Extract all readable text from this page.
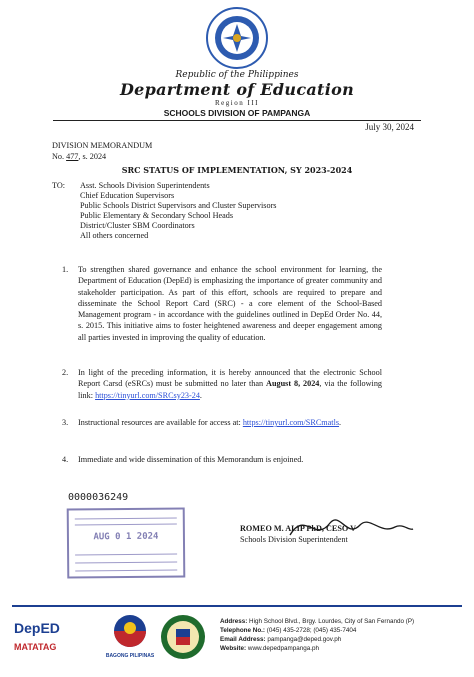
Republic of the Philippines
Department of Education
Region III
SCHOOLS DIVISION OF PAMPANGA
July 30, 2024
DIVISION MEMORANDUM
No. 477, s. 2024
SRC STATUS OF IMPLEMENTATION, SY 2023-2024
TO: Asst. Schools Division Superintendents
Chief Education Supervisors
Public Schools District Supervisors and Cluster Supervisors
Public Elementary & Secondary School Heads
District/Cluster SBM Coordinators
All others concerned
1. To strengthen shared governance and enhance the school environment for learning, the Department of Education (DepEd) is emphasizing the importance of greater community and stakeholder participation. As part of this effort, schools are required to prepare and disseminate the School Report Card (SRC) - a core element of the School-Based Management program - in accordance with the guidelines outlined in DepEd Order No. 44, s. 2015. This initiative aims to foster heightened awareness and deeper engagement among all parties invested in improving the quality of education.
2. In light of the preceding information, it is hereby announced that the electronic School Report Carsd (eSRCs) must be submitted no later than August 8, 2024, via the following link: https://tinyurl.com/SRCsy23-24.
3. Instructional resources are available for access at: https://tinyurl.com/SRCmatls.
4. Immediate and wide dissemination of this Memorandum is enjoined.
0000036249
AUG 0 1 2024
ROMEO M. ALIP PhD, CESO V
Schools Division Superintendent
DepED
MATATAG
BAGONG PILIPINAS
Address: High School Blvd., Brgy. Lourdes, City of San Fernando (P)
Telephone No.: (045) 435-2728; (045) 435-7404
Email Address: pampanga@deped.gov.ph
Website: www.depedpampanga.ph
